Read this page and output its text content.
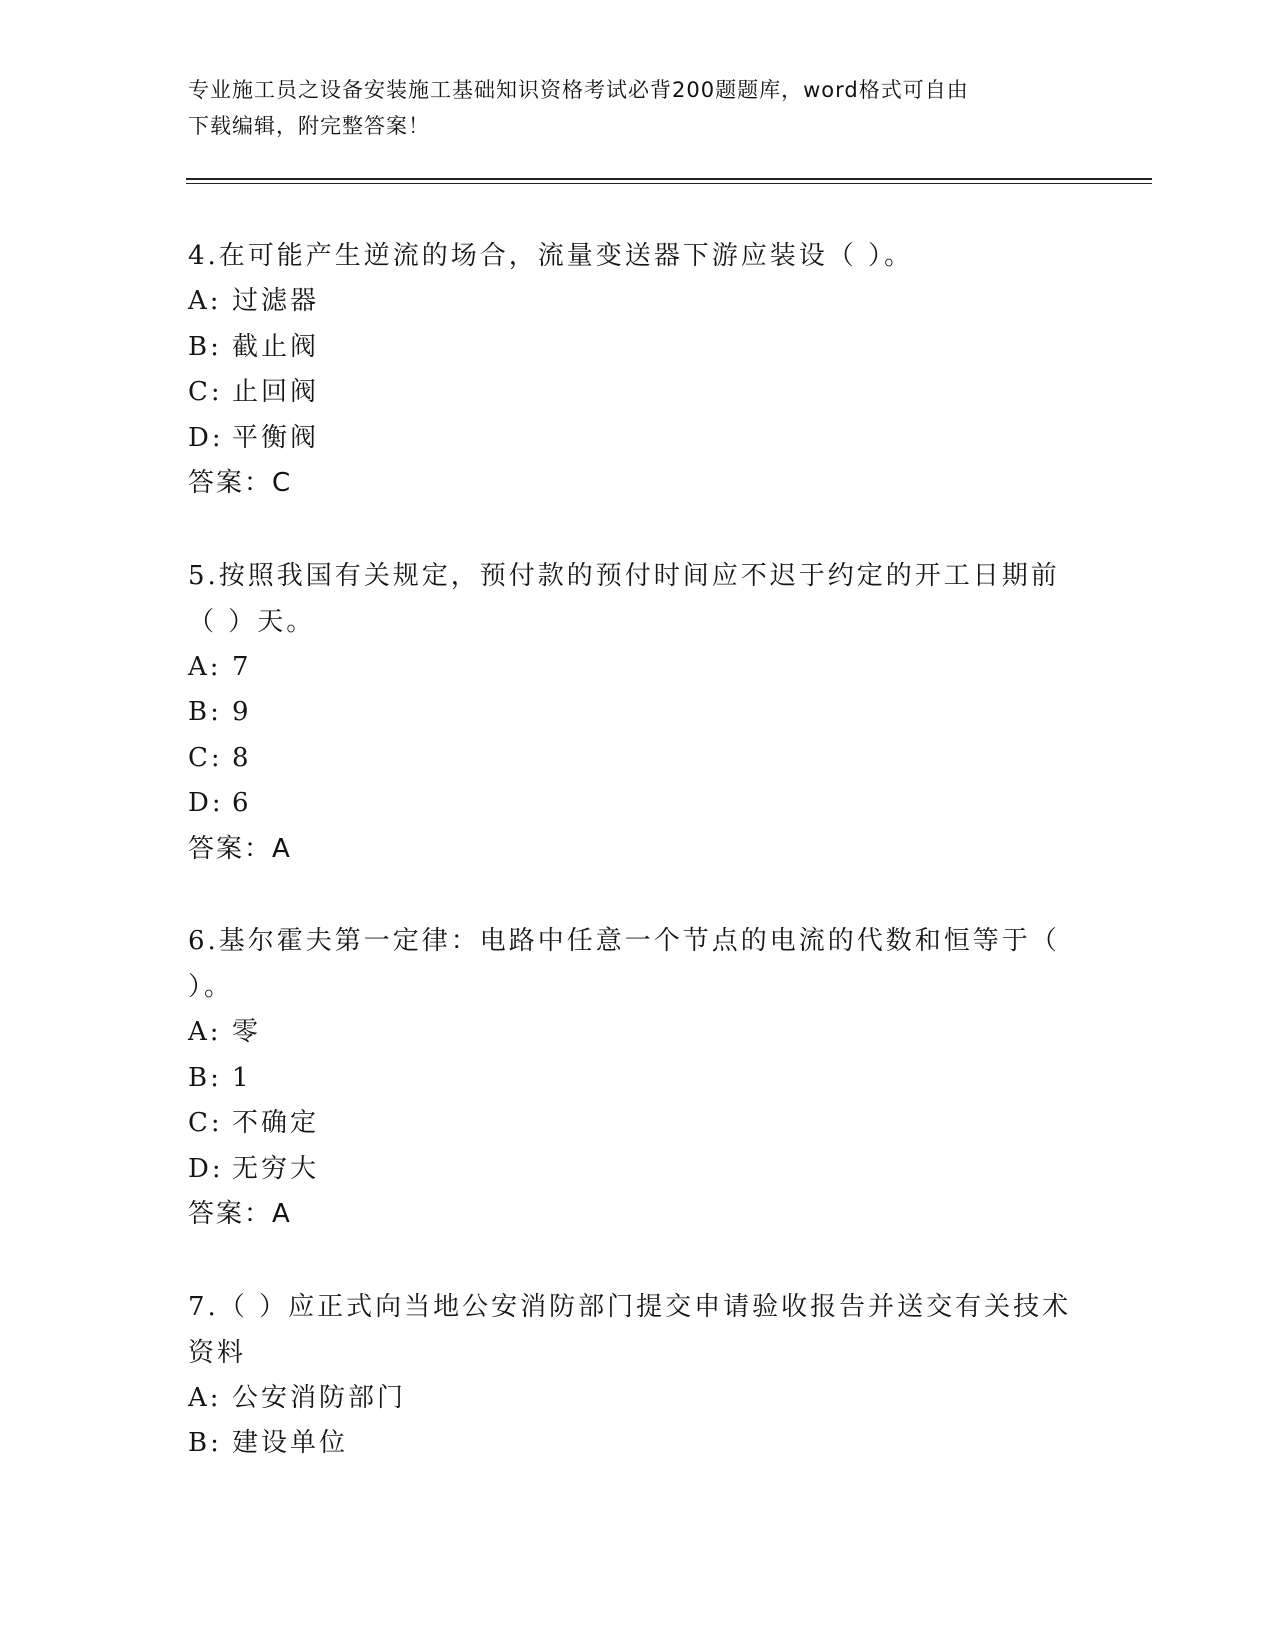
专业施工员之设备安装施工基础知识资格考试必背200题题库，word格式可自由
下载编辑，附完整答案！
4.在可能产生逆流的场合，流量变送器下游应装设（ ）。
A: 过滤器
B: 截止阀
C: 止回阀
D: 平衡阀
答案：C
5.按照我国有关规定，预付款的预付时间应不迟于约定的开工日期前（ ）天。
A: 7
B: 9
C: 8
D: 6
答案：A
6.基尔霍夫第一定律：电路中任意一个节点的电流的代数和恒等于（ ）。
A: 零
B: 1
C: 不确定
D: 无穷大
答案：A
7.（ ）应正式向当地公安消防部门提交申请验收报告并送交有关技术资料
A: 公安消防部门
B: 建设单位
